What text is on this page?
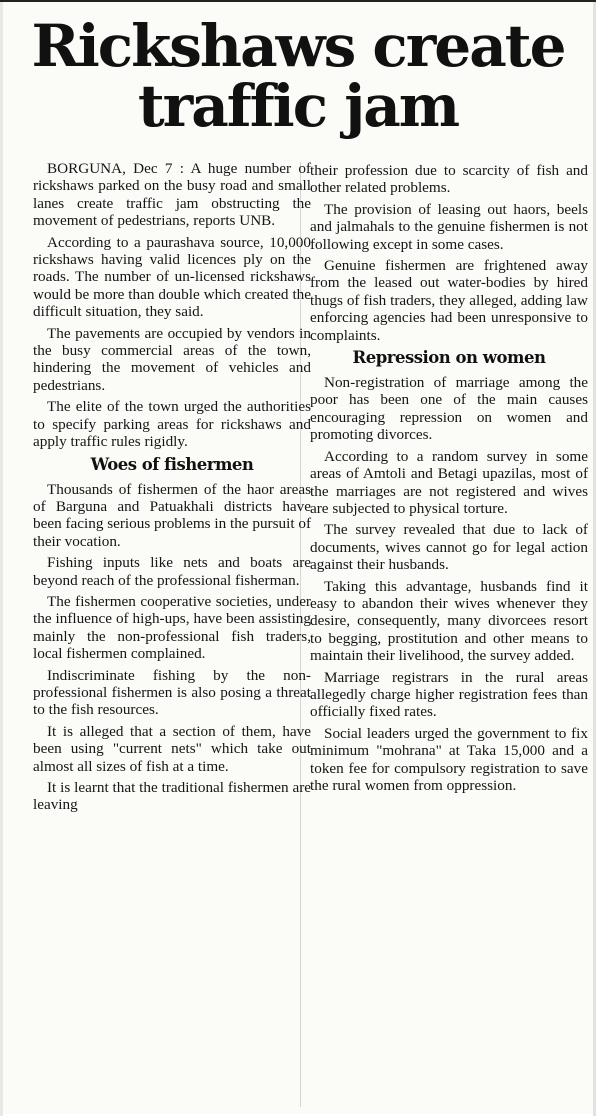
Rickshaws create traffic jam

BORGUNA, Dec 7 : A huge number of rickshaws parked on the busy road and small lanes create traffic jam obstructing the movement of pedestrians, reports UNB.

According to a paurashava source, 10,000 rickshaws having valid licences ply on the roads. The number of un-licensed rickshaws would be more than double which created the difficult situation, they said.

The pavements are occupied by vendors in the busy commercial areas of the town, hindering the movement of vehicles and pedestrians.

The elite of the town urged the authorities to specify parking areas for rickshaws and apply traffic rules rigidly.

Woes of fishermen

Thousands of fishermen of the haor areas of Barguna and Patuakhali districts have been facing serious problems in the pursuit of their vocation.

Fishing inputs like nets and boats are beyond reach of the professional fisherman.

The fishermen cooperative societies, under the influence of high-ups, have been assisting mainly the non-professional fish traders, local fishermen complained.

Indiscriminate fishing by the non-professional fishermen is also posing a threat to the fish resources.

It is alleged that a section of them, have been using "current nets" which take out almost all sizes of fish at a time.

It is learnt that the traditional fishermen are leaving

their profession due to scarcity of fish and other related problems.

The provision of leasing out haors, beels and jalmahals to the genuine fishermen is not following except in some cases.

Genuine fishermen are frightened away from the leased out water-bodies by hired thugs of fish traders, they alleged, adding law enforcing agencies had been unresponsive to complaints.

Repression on women

Non-registration of marriage among the poor has been one of the main causes encouraging repression on women and promoting divorces.

According to a random survey in some areas of Amtoli and Betagi upazilas, most of the marriages are not registered and wives are subjected to physical torture.

The survey revealed that due to lack of documents, wives cannot go for legal action against their husbands.

Taking this advantage, husbands find it easy to abandon their wives whenever they desire, consequently, many divorcees resort to begging, prostitution and other means to maintain their livelihood, the survey added.

Marriage registrars in the rural areas allegedly charge higher registration fees than officially fixed rates.

Social leaders urged the government to fix minimum "mohrana" at Taka 15,000 and a token fee for compulsory registration to save the rural women from oppression.
